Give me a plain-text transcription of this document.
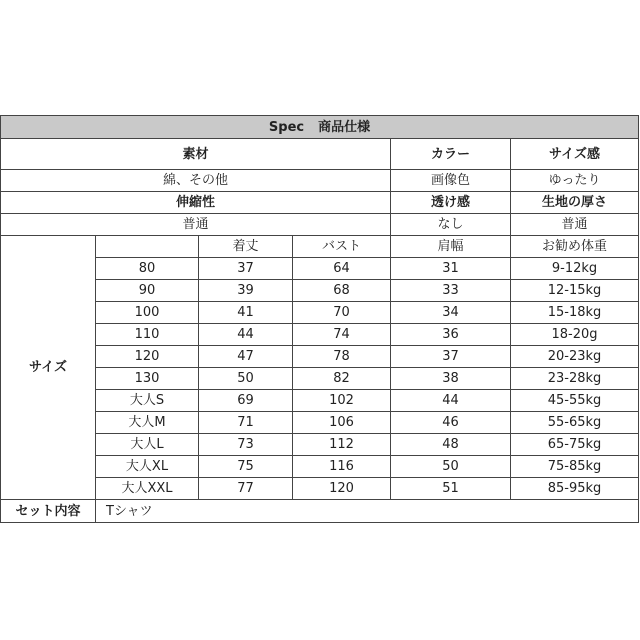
Spec 商品仕様					
素材				カラー	サイズ感
綿、その他				画像色	ゆったり
伸縮性				透け感	生地の厚さ
普通				なし	普通
サイズ		着丈	バスト	肩幅	お勧め体重
	80	37	64	31	9-12kg
	90	39	68	33	12-15kg
	100	41	70	34	15-18kg
	110	44	74	36	18-20g
	120	47	78	37	20-23kg
	130	50	82	38	23-28kg
	大人S	69	102	44	45-55kg
	大人M	71	106	46	55-65kg
	大人L	73	112	48	65-75kg
	大人XL	75	116	50	75-85kg
	大人XXL	77	120	51	85-95kg
セット内容	Tシャツ				
